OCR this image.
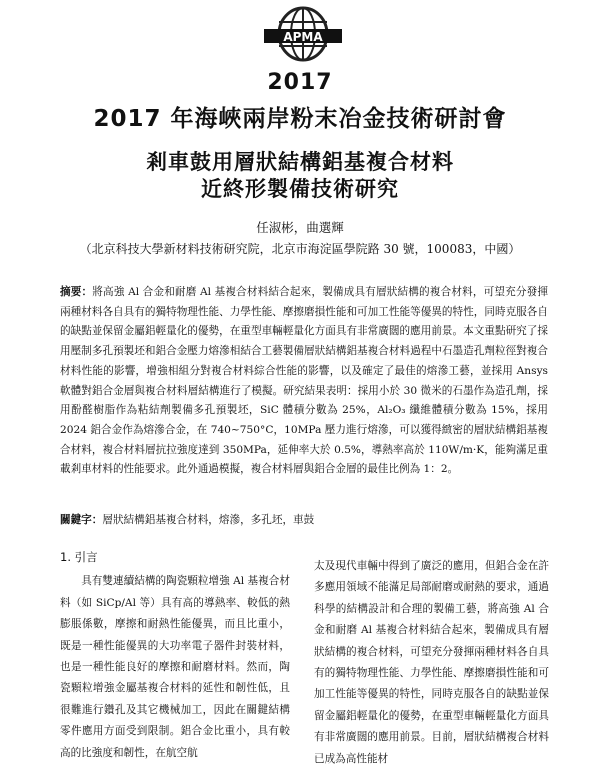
APMA
2017
2017 年海峽兩岸粉末冶金技術研討會
剎車鼓用層狀結構鋁基複合材料
近終形製備技術研究
任淑彬，曲選輝
（北京科技大學新材料技術研究院，北京市海淀區學院路 30 號，100083，中國）
摘要：將高強 Al 合金和耐磨 Al 基複合材料結合起來，製備成具有層狀結構的複合材料，可望充分發揮兩種材料各自具有的獨特物理性能、力學性能、摩擦磨損性能和可加工性能等優異的特性，同時克服各自的缺點並保留金屬鋁輕量化的優勢，在重型車輛輕量化方面具有非常廣闊的應用前景。本文重點研究了採用壓制多孔預製坯和鋁合金壓力熔滲相結合工藝製備層狀結構鋁基複合材料過程中石墨造孔劑粒徑對複合材料性能的影響，增強相組分對複合材料綜合性能的影響，以及確定了最佳的熔滲工藝，並採用 Ansys 軟體對鋁合金層與複合材料層結構進行了模擬。研究結果表明：採用小於 30 微米的石墨作為造孔劑，採用酚醛樹脂作為粘結劑製備多孔預製坯，SiC 體積分數為 25%，Al₂O₃ 纖維體積分數為 15%，採用 2024 鋁合金作為熔滲合金，在 740~750°C，10MPa 壓力進行熔滲，可以獲得緻密的層狀結構鋁基複合材料，複合材料層抗拉強度達到 350MPa，延伸率大於 0.5%，導熱率高於 110W/m·K，能夠滿足重載剎車材料的性能要求。此外通過模擬，複合材料層與鋁合金層的最佳比例為 1：2。
關鍵字：層狀結構鋁基複合材料，熔滲，多孔坯，車鼓
1. 引言

具有雙連續結構的陶瓷顆粒增強 Al 基複合材料（如 SiCp/Al 等）具有高的導熱率、較低的熱膨脹係數，摩擦和耐熱性能優異，而且比重小，既是一種性能優異的大功率電子器件封裝材料，也是一種性能良好的摩擦和耐磨材料。然而，陶瓷顆粒增強金屬基複合材料的延性和韌性低，且很難進行鑽孔及其它機械加工，因此在關鍵結構零件應用方面受到限制。鋁合金比重小，具有較高的比強度和韌性，在航空航

太及現代車輛中得到了廣泛的應用，但鋁合金在許多應用領域不能滿足局部耐磨或耐熱的要求，通過科學的結構設計和合理的製備工藝，將高強 Al 合金和耐磨 Al 基複合材料結合起來，製備成具有層狀結構的複合材料，可望充分發揮兩種材料各自具有的獨特物理性能、力學性能、摩擦磨損性能和可加工性能等優異的特性，同時克服各自的缺點並保留金屬鋁輕量化的優勢，在重型車輛輕量化方面具有非常廣闊的應用前景。目前，層狀結構複合材料已成為高性能材
